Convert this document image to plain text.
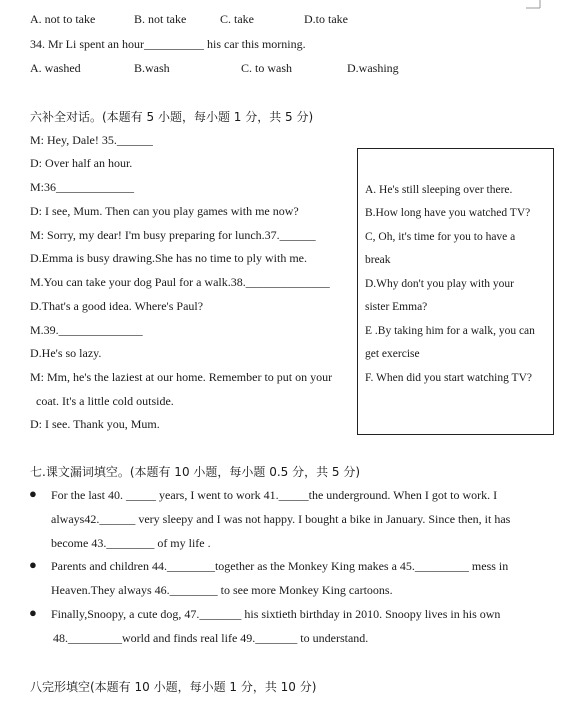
A. not to take	B. not take	C. take	D.to take
34. Mr Li spent an hour__________ his car this morning.
A. washed	B.wash	C. to wash	D.washing
六补全对话。(本题有 5 小题，每小题 1 分，共 5 分)
M: Hey, Dale! 35.______
D: Over half an hour.
M:36_____________
D: I see, Mum. Then can you play games with me now?
M: Sorry, my dear! I'm busy preparing for lunch.37.______
D.Emma is busy drawing.She has no time to ply with me.
M.You can take your dog Paul for a walk.38.______________
D.That's a good idea. Where's Paul?
M.39.______________
D.He's so lazy.
M: Mm, he's the laziest at our home. Remember to put on your
coat. It's a little cold outside.
D: I see. Thank you, Mum.
A. He's still sleeping over there.
B.How long have you watched TV?
C, Oh, it's time for you to have a
break
D.Why don't you play with your
sister Emma?
E .By taking him for a walk, you can
get exercise
F. When did you start watching TV?
七.课文漏词填空。(本题有 10 小题，每小题 0.5 分，共 5 分)
● For the last 40. _____ years, I went to work 41._____the underground. When I got to work. I
always42.______ very sleepy and I was not happy. I bought a bike in January. Since then, it has
become 43.________ of my life .
● Parents and children 44.________together as the Monkey King makes a 45._________ mess in
Heaven.They always 46.________ to see more Monkey King cartoons.
● Finally,Snoopy, a cute dog, 47._______ his sixtieth birthday in 2010. Snoopy lives in his own
48._________world and finds real life 49._______ to understand.
八完形填空(本题有 10 小题，每小题 1 分，共 10 分)
